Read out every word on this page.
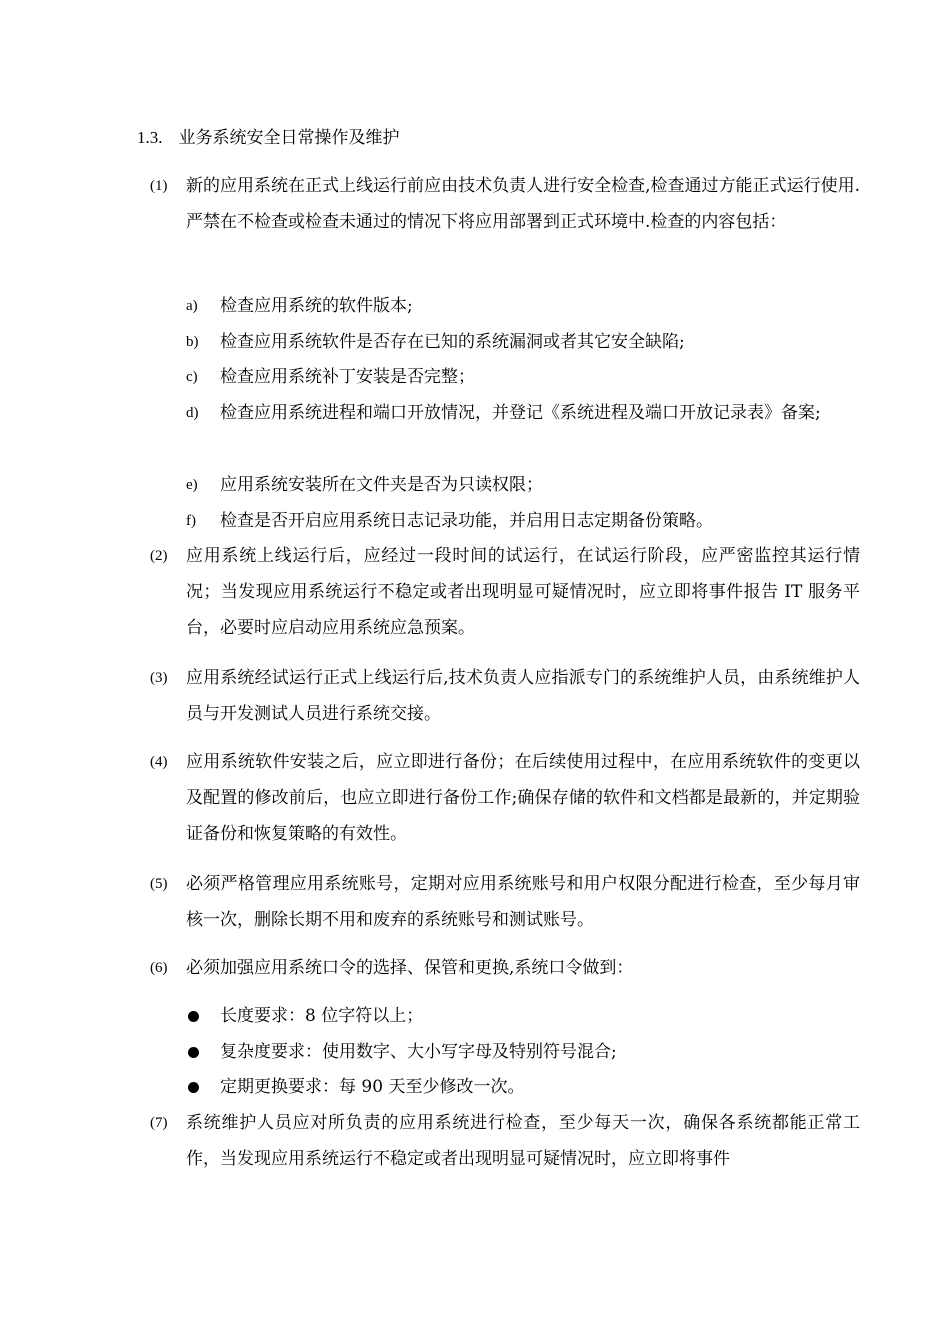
1.3. 业务系统安全日常操作及维护
(1) 新的应用系统在正式上线运行前应由技术负责人进行安全检查,检查通过方能正式运行使用.严禁在不检查或检查未通过的情况下将应用部署到正式环境中.检查的内容包括：
a) 检查应用系统的软件版本;
b) 检查应用系统软件是否存在已知的系统漏洞或者其它安全缺陷;
c) 检查应用系统补丁安装是否完整；
d) 检查应用系统进程和端口开放情况，并登记《系统进程及端口开放记录表》备案;
e) 应用系统安装所在文件夹是否为只读权限；
f) 检查是否开启应用系统日志记录功能，并启用日志定期备份策略。
(2) 应用系统上线运行后，应经过一段时间的试运行，在试运行阶段，应严密监控其运行情况；当发现应用系统运行不稳定或者出现明显可疑情况时，应立即将事件报告 IT 服务平台，必要时应启动应用系统应急预案。
(3) 应用系统经试运行正式上线运行后,技术负责人应指派专门的系统维护人员，由系统维护人员与开发测试人员进行系统交接。
(4) 应用系统软件安装之后，应立即进行备份；在后续使用过程中，在应用系统软件的变更以及配置的修改前后，也应立即进行备份工作;确保存储的软件和文档都是最新的，并定期验证备份和恢复策略的有效性。
(5) 必须严格管理应用系统账号，定期对应用系统账号和用户权限分配进行检查，至少每月审核一次，删除长期不用和废弃的系统账号和测试账号。
(6) 必须加强应用系统口令的选择、保管和更换,系统口令做到：
长度要求：8 位字符以上；
复杂度要求：使用数字、大小写字母及特别符号混合;
定期更换要求：每 90 天至少修改一次。
(7) 系统维护人员应对所负责的应用系统进行检查，至少每天一次，确保各系统都能正常工作，当发现应用系统运行不稳定或者出现明显可疑情况时，应立即将事件
